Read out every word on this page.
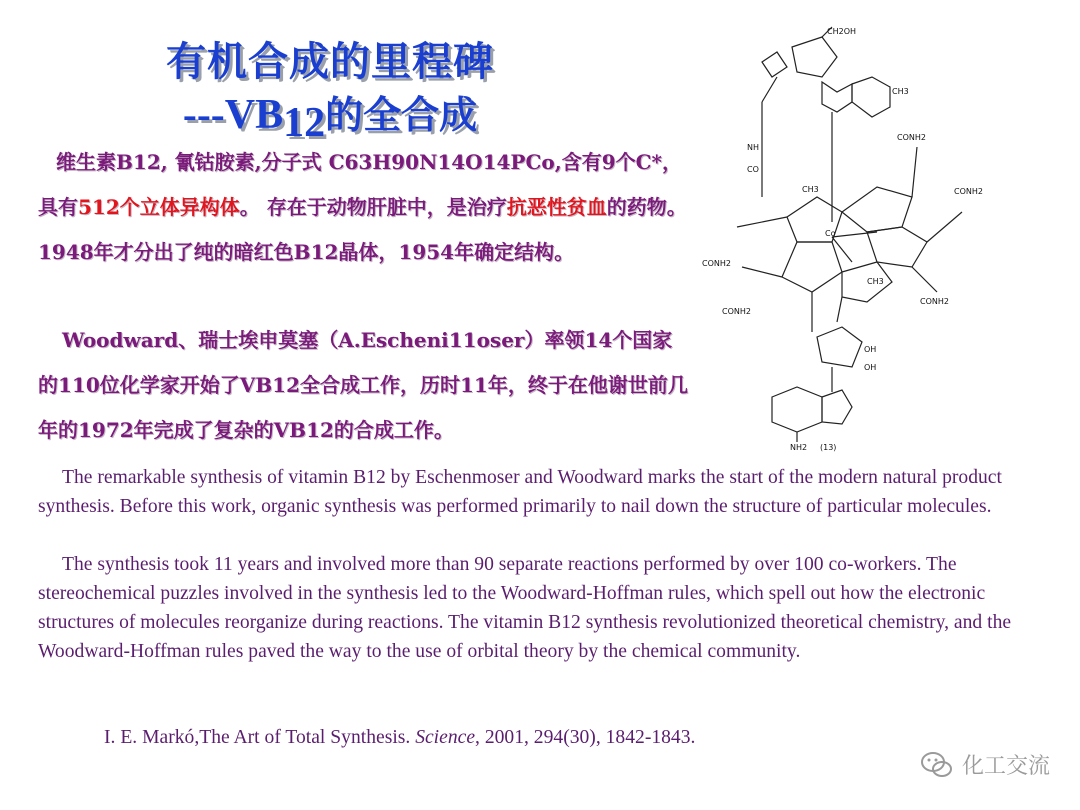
有机合成的里程碑
$---VB_{12}$的全合成
维生素B12, 氰钴胺素,分子式 C63H90N14O14PCo,含有9个C*，具有512个立体异构体。 存在于动物肝脏中，是治疗抗恶性贫血的药物。1948年才分出了纯的暗红色B12晶体，1954年确定结构。
Woodward、瑞士埃申莫塞（A.Escheni11oser）率领14个国家的110位化学家开始了VB12全合成工作，历时11年，终于在他谢世前几年的1972年完成了复杂的VB12的合成工作。
CH2OH
Co
NH
CO
CONH2
CONH2
CONH2
CONH2
CONH2
CH3
CH3
CH3
OH
OH
NH2 (13)
The remarkable synthesis of vitamin B12 by Eschenmoser and Woodward marks the start of the modern natural product synthesis. Before this work, organic synthesis was performed primarily to nail down the structure of particular molecules.
The synthesis took 11 years and involved more than 90 separate reactions performed by over 100 co-workers. The stereochemical puzzles involved in the synthesis led to the Woodward-Hoffman rules, which spell out how the electronic structures of molecules reorganize during reactions. The vitamin B12 synthesis revolutionized theoretical chemistry, and the Woodward-Hoffman rules paved the way to the use of orbital theory by the chemical community.
I. E. Markó,The Art of Total Synthesis. Science, 2001, 294(30), 1842-1843.
化工交流
